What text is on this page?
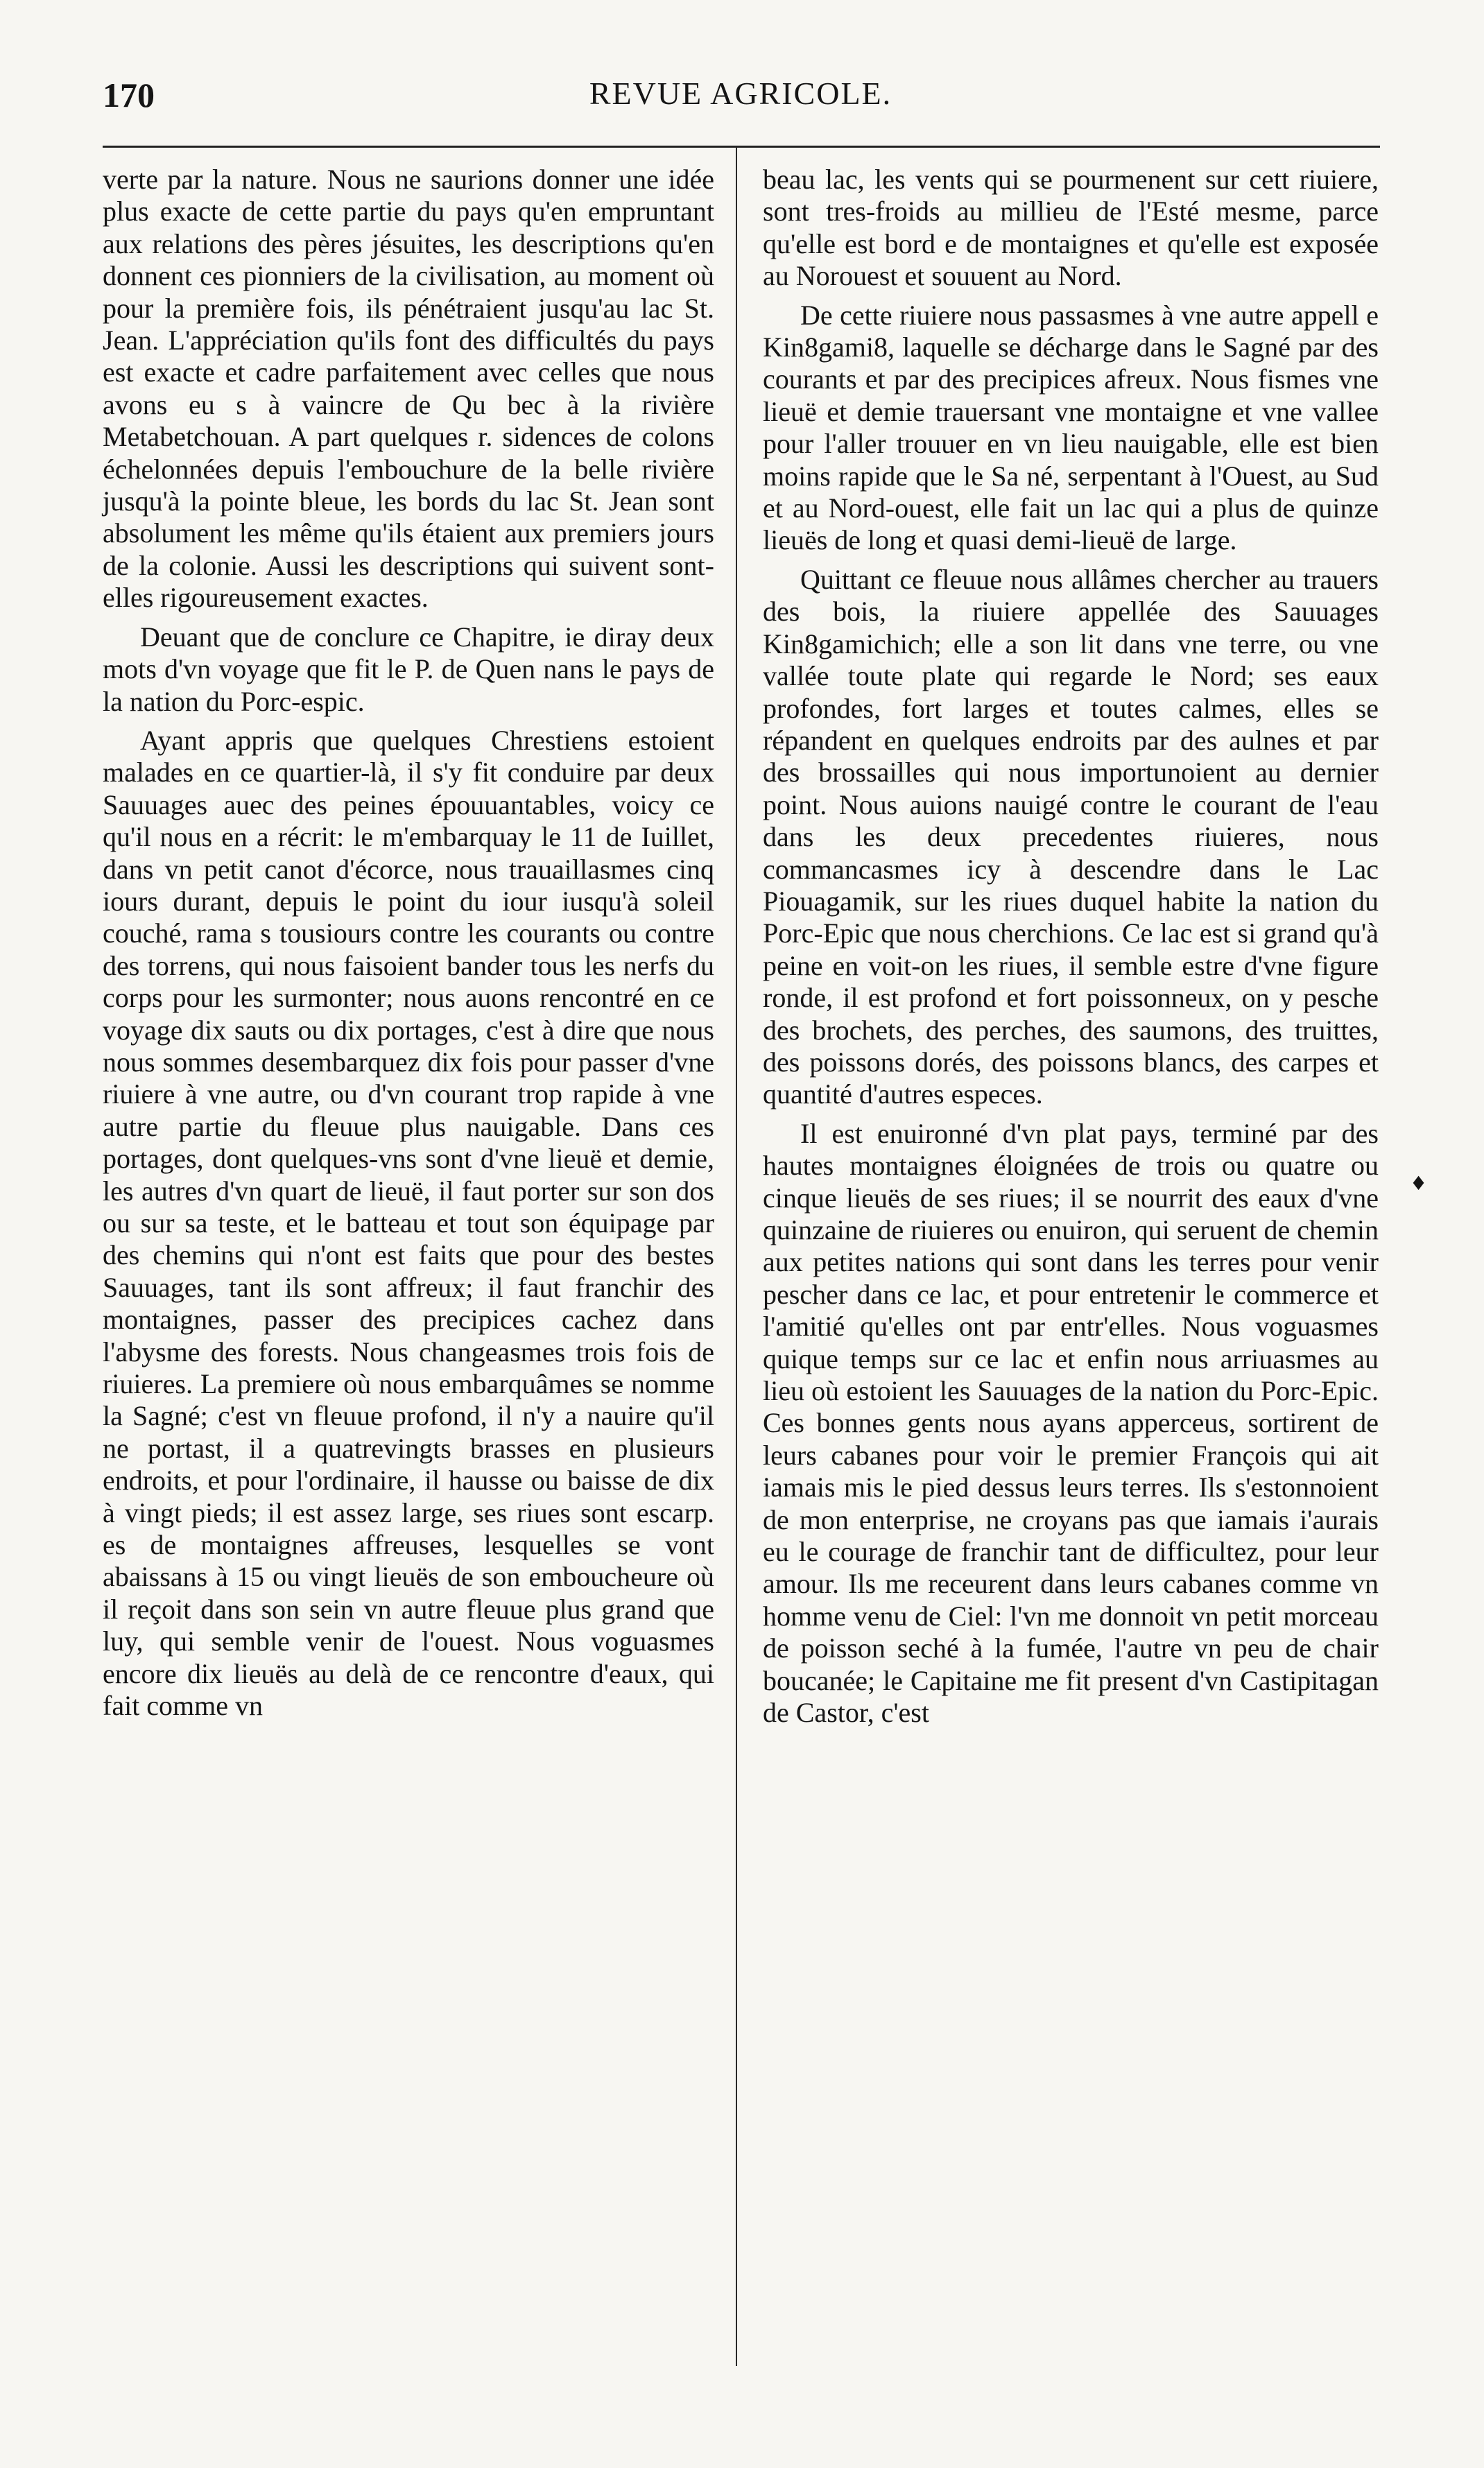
170	REVUE AGRICOLE.

verte par la nature. Nous ne saurions donner une idée plus exacte de cette partie du pays qu'en empruntant aux relations des pères jésuites, les descriptions qu'en donnent ces pionniers de la civilisation, au moment où pour la première fois, ils pénétraient jusqu'au lac St. Jean. L'appréciation qu'ils font des difficultés du pays est exacte et cadre parfaitement avec celles que nous avons eu s à vaincre de Qu bec à la rivière Metabetchouan. A part quelques r. sidences de colons échelonnées depuis l'embouchure de la belle rivière jusqu'à la pointe bleue, les bords du lac St. Jean sont absolument les même qu'ils étaient aux premiers jours de la colonie. Aussi les descriptions qui suivent sont-elles rigoureusement exactes.

Deuant que de conclure ce Chapitre, ie diray deux mots d'vn voyage que fit le P. de Quen nans le pays de la nation du Porc-espic.

Ayant appris que quelques Chrestiens estoient malades en ce quartier-là, il s'y fit conduire par deux Sauuages auec des peines épouuantables, voicy ce qu'il nous en a récrit: le m'embarquay le 11 de Iuillet, dans vn petit canot d'écorce, nous trauaillasmes cinq iours durant, depuis le point du iour iusqu'à soleil couché, rama s tousiours contre les courants ou contre des torrens, qui nous faisoient bander tous les nerfs du corps pour les surmonter; nous auons rencontré en ce voyage dix sauts ou dix portages, c'est à dire que nous nous sommes desembarquez dix fois pour passer d'vne riuiere à vne autre, ou d'vn courant trop rapide à vne autre partie du fleuue plus nauigable. Dans ces portages, dont quelques-vns sont d'vne lieuë et demie, les autres d'vn quart de lieuë, il faut porter sur son dos ou sur sa teste, et le batteau et tout son équipage par des chemins qui n'ont est faits que pour des bestes Sauuages, tant ils sont affreux; il faut franchir des montaignes, passer des precipices cachez dans l'abysme des forests. Nous changeasmes trois fois de riuieres. La premiere où nous embarquâmes se nomme la Sagné; c'est vn fleuue profond, il n'y a nauire qu'il ne portast, il a quatrevingts brasses en plusieurs endroits, et pour l'ordinaire, il hausse ou baisse de dix à vingt pieds; il est assez large, ses riues sont escarp. es de montaignes affreuses, lesquelles se vont abaissans à 15 ou vingt lieuës de son emboucheure où il reçoit dans son sein vn autre fleuue plus grand que luy, qui semble venir de l'ouest. Nous voguasmes encore dix lieuës au delà de ce rencontre d'eaux, qui fait comme vn

beau lac, les vents qui se pourmenent sur cett riuiere, sont tres-froids au millieu de l'Esté mesme, parce qu'elle est bord e de montaignes et qu'elle est exposée au Norouest et souuent au Nord.

De cette riuiere nous passasmes à vne autre appell e Kin8gami8, laquelle se décharge dans le Sagné par des courants et par des precipices afreux. Nous fismes vne lieuë et demie trauersant vne montaigne et vne vallee pour l'aller trouuer en vn lieu nauigable, elle est bien moins rapide que le Sa né, serpentant à l'Ouest, au Sud et au Nord-ouest, elle fait un lac qui a plus de quinze lieuës de long et quasi demi-lieuë de large.

Quittant ce fleuue nous allâmes chercher au trauers des bois, la riuiere appellée des Sauuages Kin8gamichich; elle a son lit dans vne terre, ou vne vallée toute plate qui regarde le Nord; ses eaux profondes, fort larges et toutes calmes, elles se répandent en quelques endroits par des aulnes et par des brossailles qui nous importunoient au dernier point. Nous auions nauigé contre le courant de l'eau dans les deux precedentes riuieres, nous commancasmes icy à descendre dans le Lac Piouagamik, sur les riues duquel habite la nation du Porc-Epic que nous cherchions. Ce lac est si grand qu'à peine en voit-on les riues, il semble estre d'vne figure ronde, il est profond et fort poissonneux, on y pesche des brochets, des perches, des saumons, des truittes, des poissons dorés, des poissons blancs, des carpes et quantité d'autres especes.

Il est enuironné d'vn plat pays, terminé par des hautes montaignes éloignées de trois ou quatre ou cinque lieuës de ses riues; il se nourrit des eaux d'vne quinzaine de riuieres ou enuiron, qui seruent de chemin aux petites nations qui sont dans les terres pour venir pescher dans ce lac, et pour entretenir le commerce et l'amitié qu'elles ont par entr'elles. Nous voguasmes quique temps sur ce lac et enfin nous arriuasmes au lieu où estoient les Sauuages de la nation du Porc-Epic. Ces bonnes gents nous ayans apperceus, sortirent de leurs cabanes pour voir le premier François qui ait iamais mis le pied dessus leurs terres. Ils s'estonnoient de mon enterprise, ne croyans pas que iamais i'aurais eu le courage de franchir tant de difficultez, pour leur amour. Ils me receurent dans leurs cabanes comme vn homme venu de Ciel: l'vn me donnoit vn petit morceau de poisson seché à la fumée, l'autre vn peu de chair boucanée; le Capitaine me fit present d'vn Castipitagan de Castor, c'est

♦
